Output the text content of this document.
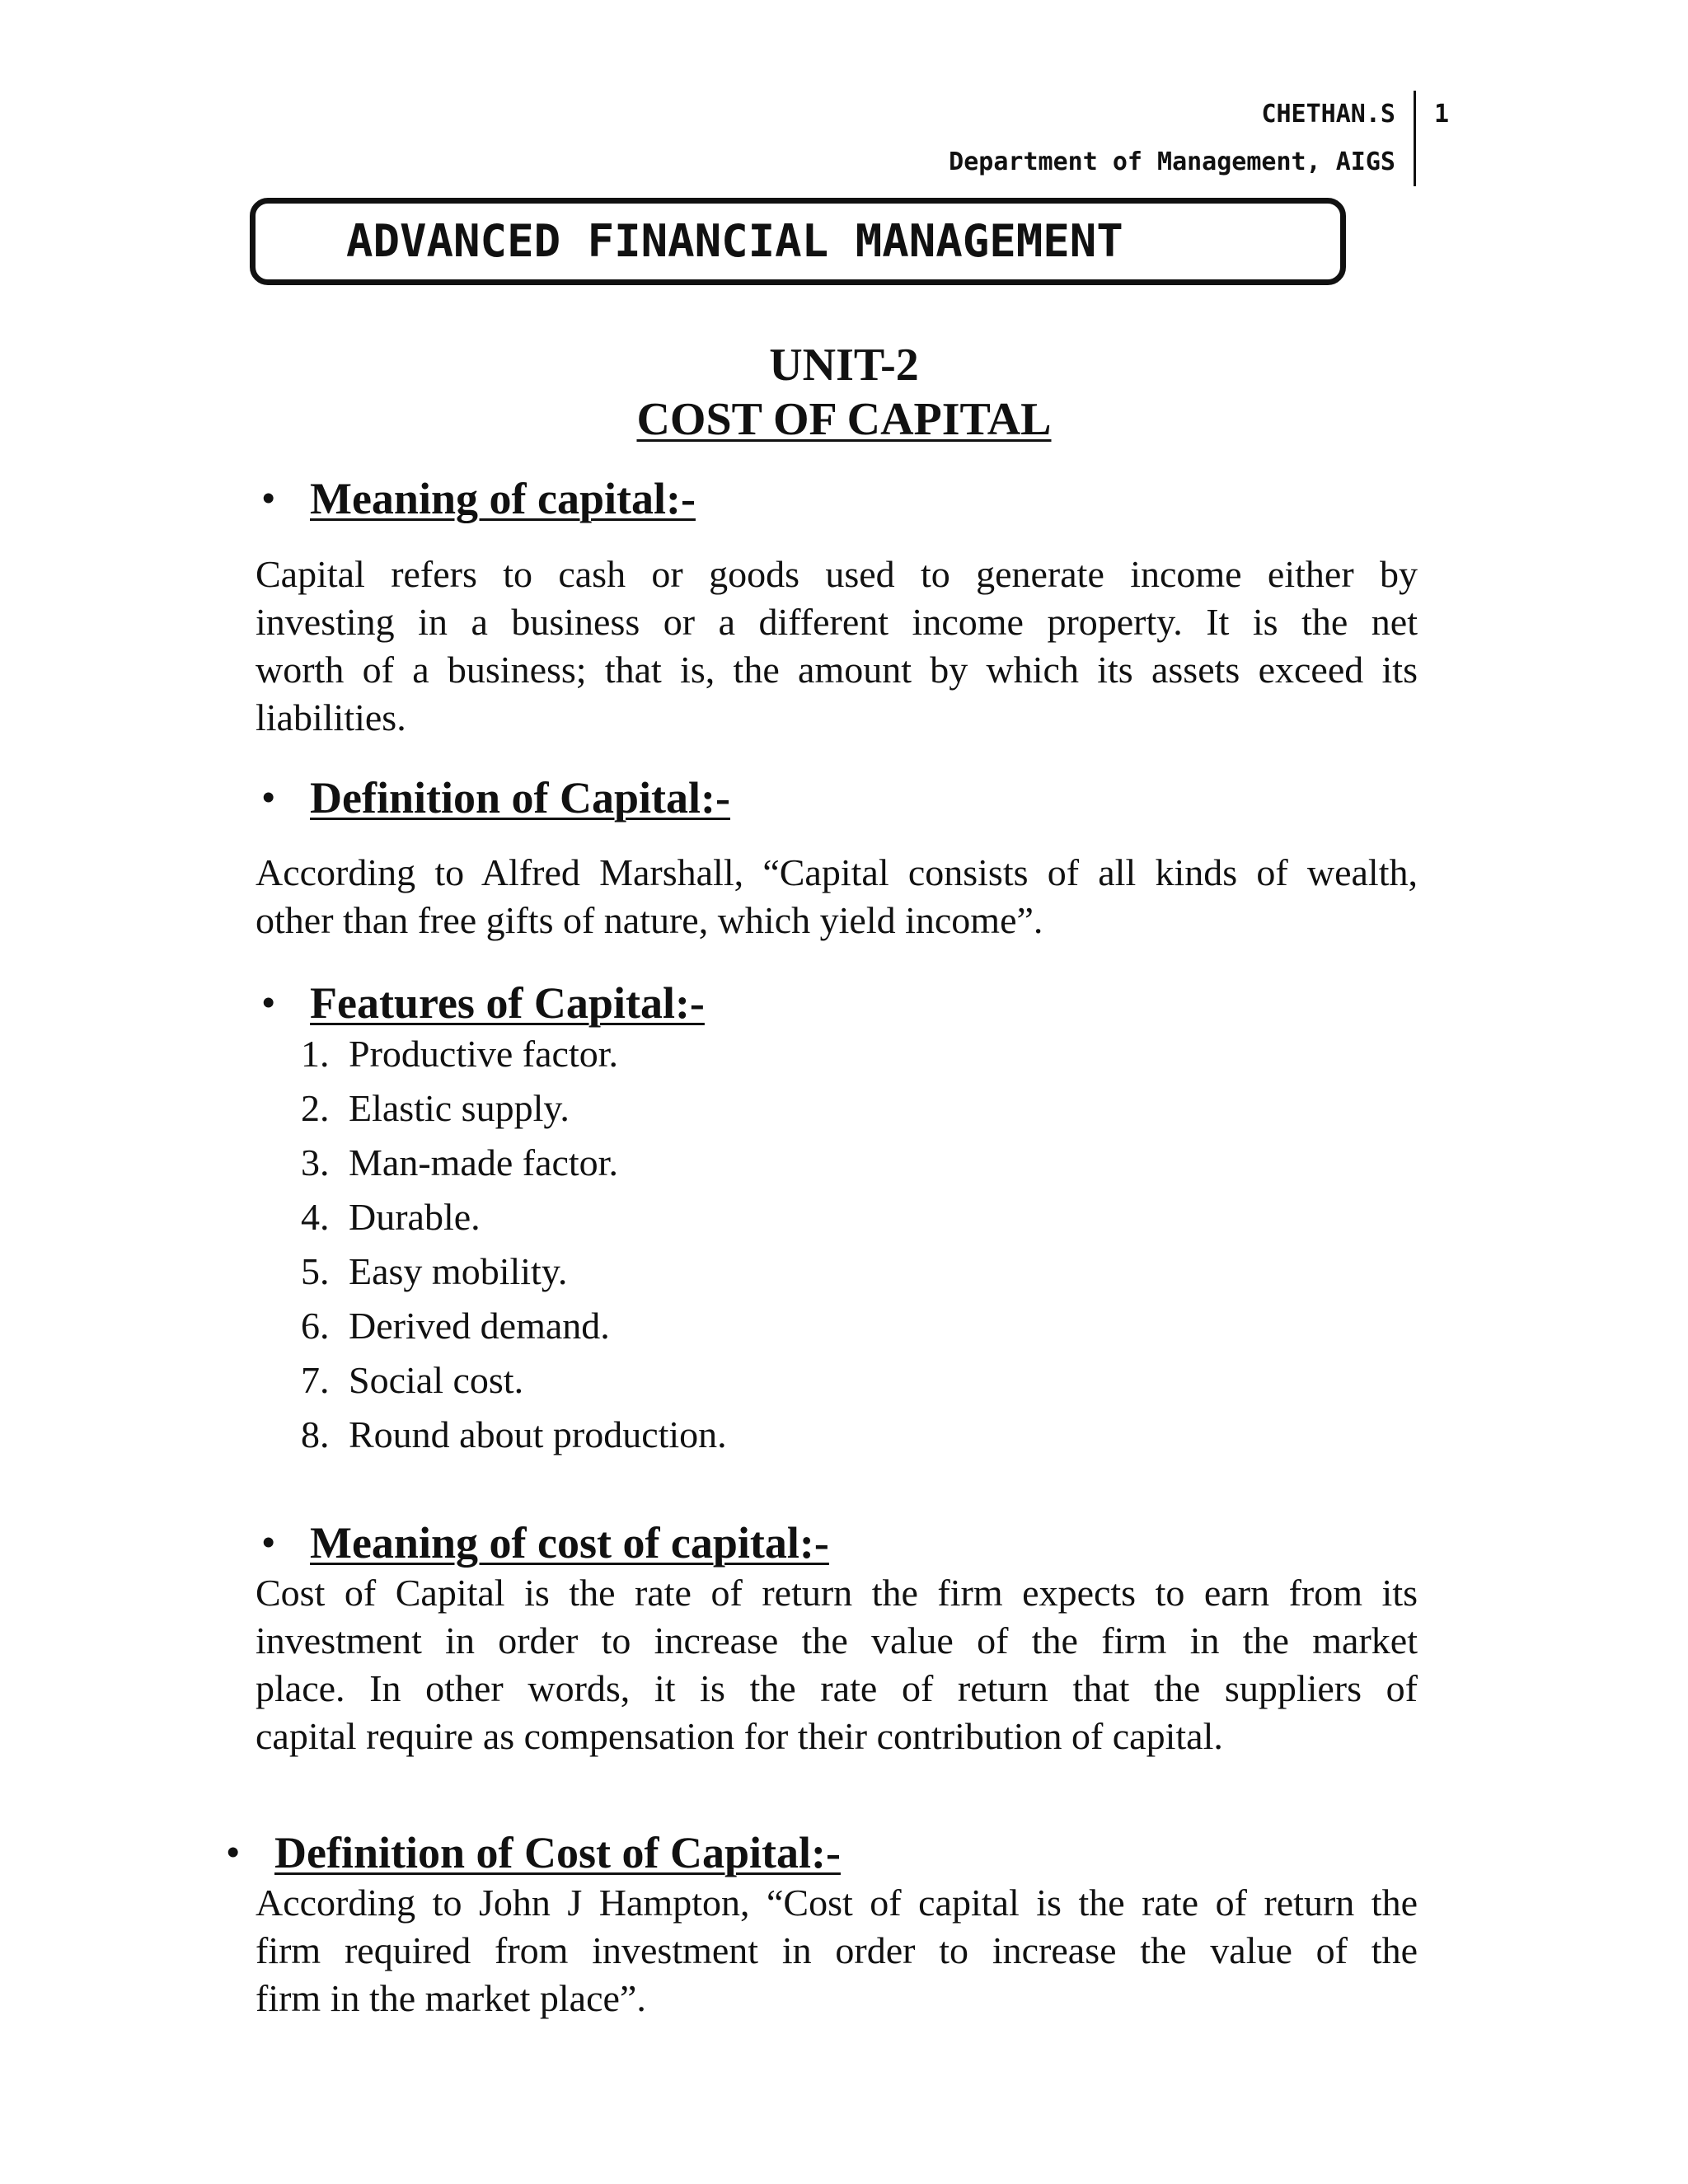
CHETHAN.S
Department of Management, AIGS
1
ADVANCED FINANCIAL MANAGEMENT
UNIT-2
COST OF CAPITAL
• Meaning of capital:-
Capital refers to cash or goods used to generate income either by
investing in a business or a different income property. It is the net
worth of a business; that is, the amount by which its assets exceed its
liabilities.
• Definition of Capital:-
According to Alfred Marshall, “Capital consists of all kinds of wealth,
other than free gifts of nature, which yield income”.
• Features of Capital:-
1. Productive factor.
2. Elastic supply.
3. Man-made factor.
4. Durable.
5. Easy mobility.
6. Derived demand.
7. Social cost.
8. Round about production.
• Meaning of cost of capital:-
Cost of Capital is the rate of return the firm expects to earn from its
investment in order to increase the value of the firm in the market
place. In other words, it is the rate of return that the suppliers of
capital require as compensation for their contribution of capital.
• Definition of Cost of Capital:-
According to John J Hampton, “Cost of capital is the rate of return the
firm required from investment in order to increase the value of the
firm in the market place”.
